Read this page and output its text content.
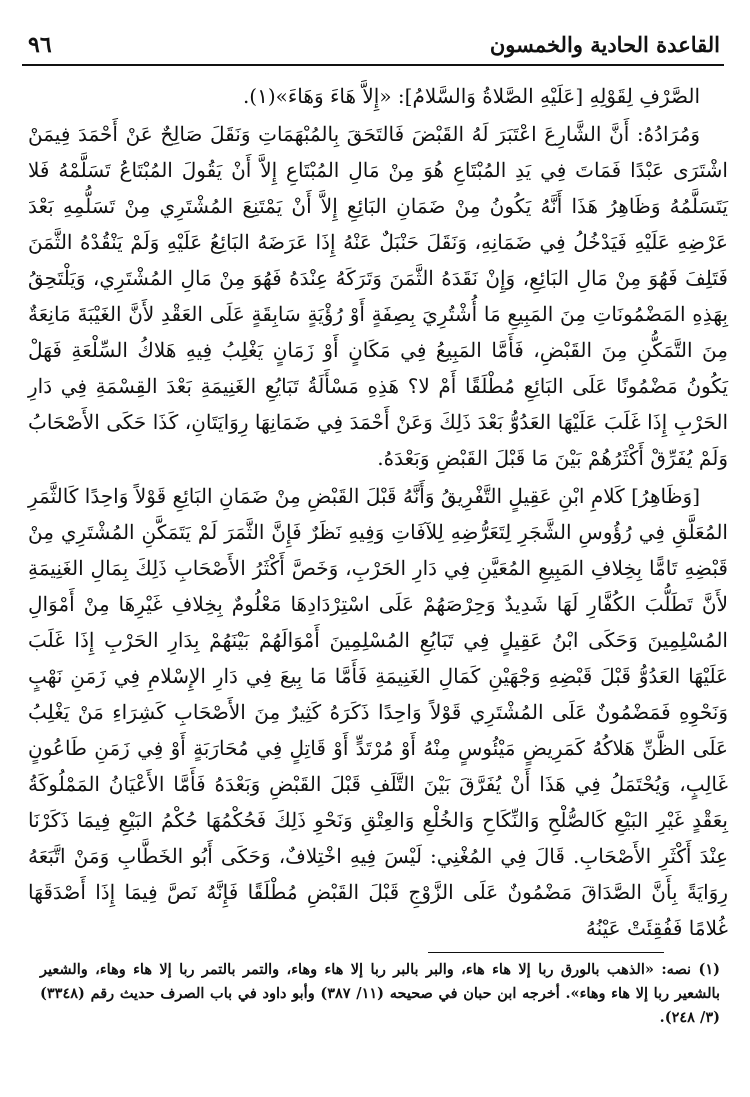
٩٦	القاعدة الحادية والخمسون

الصَّرْفِ لِقَوْلِهِ [عَلَيْهِ الصَّلاةُ وَالسَّلامُ]: «إِلاَّ هَاءَ وَهَاءَ»(١).

وَمُرَادُهُ: أَنَّ الشَّارِعَ اعْتَبَرَ لَهُ القَبْضَ فَالتَحَقَ بِالمُبْهَمَاتِ وَنَقَلَ صَالِحٌ عَنْ أَحْمَدَ فِيمَنْ اشْتَرَى عَبْدًا فَمَاتَ فِي يَدِ المُبْتَاعِ هُوَ مِنْ مَالِ المُبْتَاعِ إِلاَّ أَنْ يَقُولَ المُبْتَاعُ تَسَلَّمْهُ فَلا يَتَسَلَّمُهُ وَظَاهِرُ هَذَا أَنَّهُ يَكُونُ مِنْ ضَمَانِ البَائِعِ إِلاَّ أَنْ يَمْتَنِعَ المُشْتَرِي مِنْ تَسَلُّمِهِ بَعْدَ عَرْضِهِ عَلَيْهِ فَيَدْخُلُ فِي ضَمَانِهِ، وَنَقَلَ حَنْبَلٌ عَنْهُ إِذَا عَرَضَهُ البَائِعُ عَلَيْهِ وَلَمْ يَنْقُدْهُ الثَّمَنَ فَتَلِفَ فَهُوَ مِنْ مَالِ البَائِعِ، وَإِنْ نَقَدَهُ الثَّمَنَ وَتَرَكَهُ عِنْدَهُ فَهُوَ مِنْ مَالِ المُشْتَرِي، وَيَلْتَحِقُ بِهَذِهِ المَضْمُونَاتِ مِنَ المَبِيعِ مَا أُشْتُرِيَ بِصِفَةٍ أَوْ رُؤْيَةٍ سَابِقَةٍ عَلَى العَقْدِ لأَنَّ الغَيْبَةَ مَانِعَةٌ مِنَ التَّمَكُّنِ مِنَ القَبْضِ، فَأَمَّا المَبِيعُ فِي مَكَانٍ أَوْ زَمَانٍ يَغْلِبُ فِيهِ هَلاكُ السِّلْعَةِ فَهَلْ يَكُونُ مَضْمُونًا عَلَى البَائِعِ مُطْلَقًا أَمْ لا؟ هَذِهِ مَسْأَلَةُ تَبَايُعِ الغَنِيمَةِ بَعْدَ القِسْمَةِ فِي دَارِ الحَرْبِ إِذَا غَلَبَ عَلَيْهَا العَدُوُّ بَعْدَ ذَلِكَ وَعَنْ أَحْمَدَ فِي ضَمَانِهَا رِوَايَتَانِ، كَذَا حَكَى الأَصْحَابُ وَلَمْ يُفَرِّقْ أَكْثَرُهُمْ بَيْنَ مَا قَبْلَ القَبْضِ وَبَعْدَهُ.

[وَظَاهِرُ] كَلامِ ابْنِ عَقِيلٍ التَّفْرِيقُ وَأَنَّهُ قَبْلَ القَبْضِ مِنْ ضَمَانِ البَائِعِ قَوْلاً وَاحِدًا كَالثَّمَرِ المُعَلَّقِ فِي رُؤُوسِ الشَّجَرِ لِتَعَرُّضِهِ لِلآفَاتِ وَفِيهِ نَظَرٌ فَإِنَّ الثَّمَرَ لَمْ يَتَمَكَّنِ المُشْتَرِي مِنْ قَبْضِهِ تَامًّا بِخِلافِ المَبِيعِ المُعَيَّنِ فِي دَارِ الحَرْبِ، وَخَصَّ أَكْثَرُ الأَصْحَابِ ذَلِكَ بِمَالِ الغَنِيمَةِ لأَنَّ تَطَلُّبَ الكُفَّارِ لَهَا شَدِيدٌ وَحِرْصَهُمْ عَلَى اسْتِرْدَادِهَا مَعْلُومٌ بِخِلافِ غَيْرِهَا مِنْ أَمْوَالِ المُسْلِمِينَ وَحَكَى ابْنُ عَقِيلٍ فِي تَبَايُعِ المُسْلِمِينَ أَمْوَالَهُمْ بَيْنَهُمْ بِدَارِ الحَرْبِ إِذَا غَلَبَ عَلَيْهَا العَدُوُّ قَبْلَ قَبْضِهِ وَجْهَيْنِ كَمَالِ الغَنِيمَةِ فَأَمَّا مَا بِيعَ فِي دَارِ الإِسْلامِ فِي زَمَنِ نَهْبٍ وَنَحْوِهِ فَمَضْمُونٌ عَلَى المُشْتَرِي قَوْلاً وَاحِدًا ذَكَرَهُ كَثِيرٌ مِنَ الأَصْحَابِ كَشِرَاءِ مَنْ يَغْلِبُ عَلَى الظَّنِّ هَلاكُهُ كَمَرِيضٍ مَيْئُوسٍ مِنْهُ أَوْ مُرْتَدٍّ أَوْ قَاتِلٍ فِي مُحَارَبَةٍ أَوْ فِي زَمَنِ طَاعُونٍ غَالِبٍ، وَيُحْتَمَلُ فِي هَذَا أَنْ يُفَرَّقَ بَيْنَ التَّلَفِ قَبْلَ القَبْضِ وَبَعْدَهُ فَأَمَّا الأَعْيَانُ المَمْلُوكَةُ بِعَقْدٍ غَيْرِ البَيْعِ كَالصُّلْحِ وَالنِّكَاحِ وَالخُلْعِ وَالعِتْقِ وَنَحْوِ ذَلِكَ فَحُكْمُهَا حُكْمُ البَيْعِ فِيمَا ذَكَرْنَا عِنْدَ أَكْثَرِ الأَصْحَابِ. قَالَ فِي المُغْنِي: لَيْسَ فِيهِ اخْتِلافٌ، وَحَكَى أَبُو الخَطَّابِ وَمَنْ اتَّبَعَهُ رِوَايَةً بِأَنَّ الصَّدَاقَ مَضْمُونٌ عَلَى الزَّوْجِ قَبْلَ القَبْضِ مُطْلَقًا فَإِنَّهُ نَصَّ فِيمَا إِذَا أَصْدَقَهَا غُلامًا فَفُقِئَتْ عَيْنُهُ

(١) نصه: «الذهب بالورق ربا إلا هاء هاء، والبر بالبر ربا إلا هاء وهاء، والتمر بالتمر ربا إلا هاء وهاء، والشعير بالشعير ربا إلا هاء وهاء». أخرجه ابن حبان في صحيحه (١١/ ٣٨٧) وأبو داود في باب الصرف حديث رقم (٣٣٤٨) (٣/ ٢٤٨).
